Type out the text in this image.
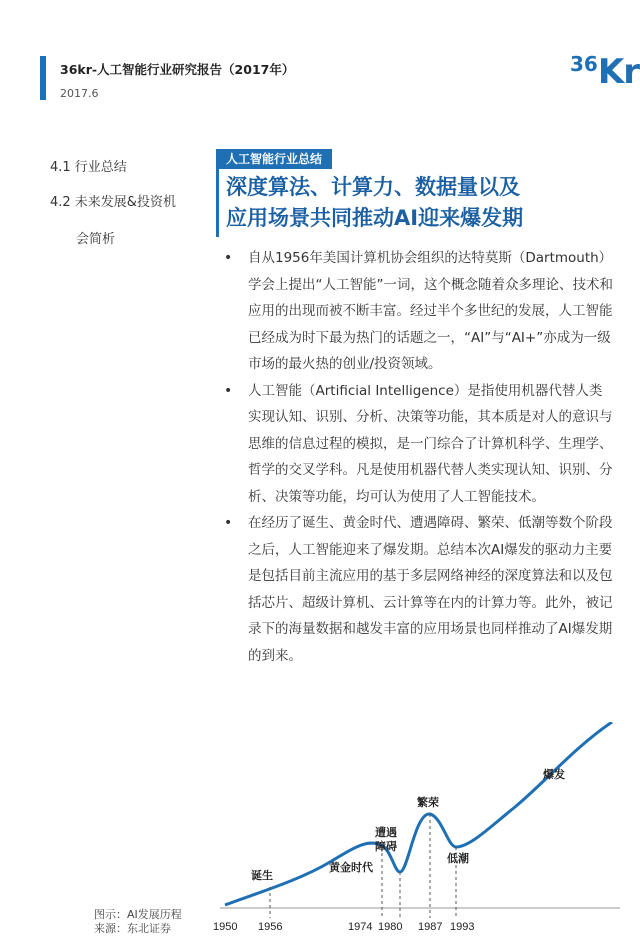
36kr-人工智能行业研究报告（2017年）
2017.6
36Kr
4.1 行业总结
4.2 未来发展&投资机
会简析
人工智能行业总结
深度算法、计算力、数据量以及
应用场景共同推动AI迎来爆发期
• 自从1956年美国计算机协会组织的达特莫斯（Dartmouth）学会上提出“人工智能”一词，这个概念随着众多理论、技术和应用的出现而被不断丰富。经过半个多世纪的发展，人工智能已经成为时下最为热门的话题之一，“AI”与“AI+”亦成为一级市场的最火热的创业/投资领域。
• 人工智能（Artificial Intelligence）是指使用机器代替人类实现认知、识别、分析、决策等功能，其本质是对人的意识与思维的信息过程的模拟，是一门综合了计算机科学、生理学、哲学的交叉学科。凡是使用机器代替人类实现认知、识别、分析、决策等功能，均可认为使用了人工智能技术。
• 在经历了诞生、黄金时代、遭遇障碍、繁荣、低潮等数个阶段之后，人工智能迎来了爆发期。总结本次AI爆发的驱动力主要是包括目前主流应用的基于多层网络神经的深度算法和以及包括芯片、超级计算机、云计算等在内的计算力等。此外，被记录下的海量数据和越发丰富的应用场景也同样推动了AI爆发期的到来。
1950 1956	1974 1980 1987 1993
诞生
黄金时代
遭遇
障碍
繁荣
低潮
爆发
图示：AI发展历程
来源：东北证券
